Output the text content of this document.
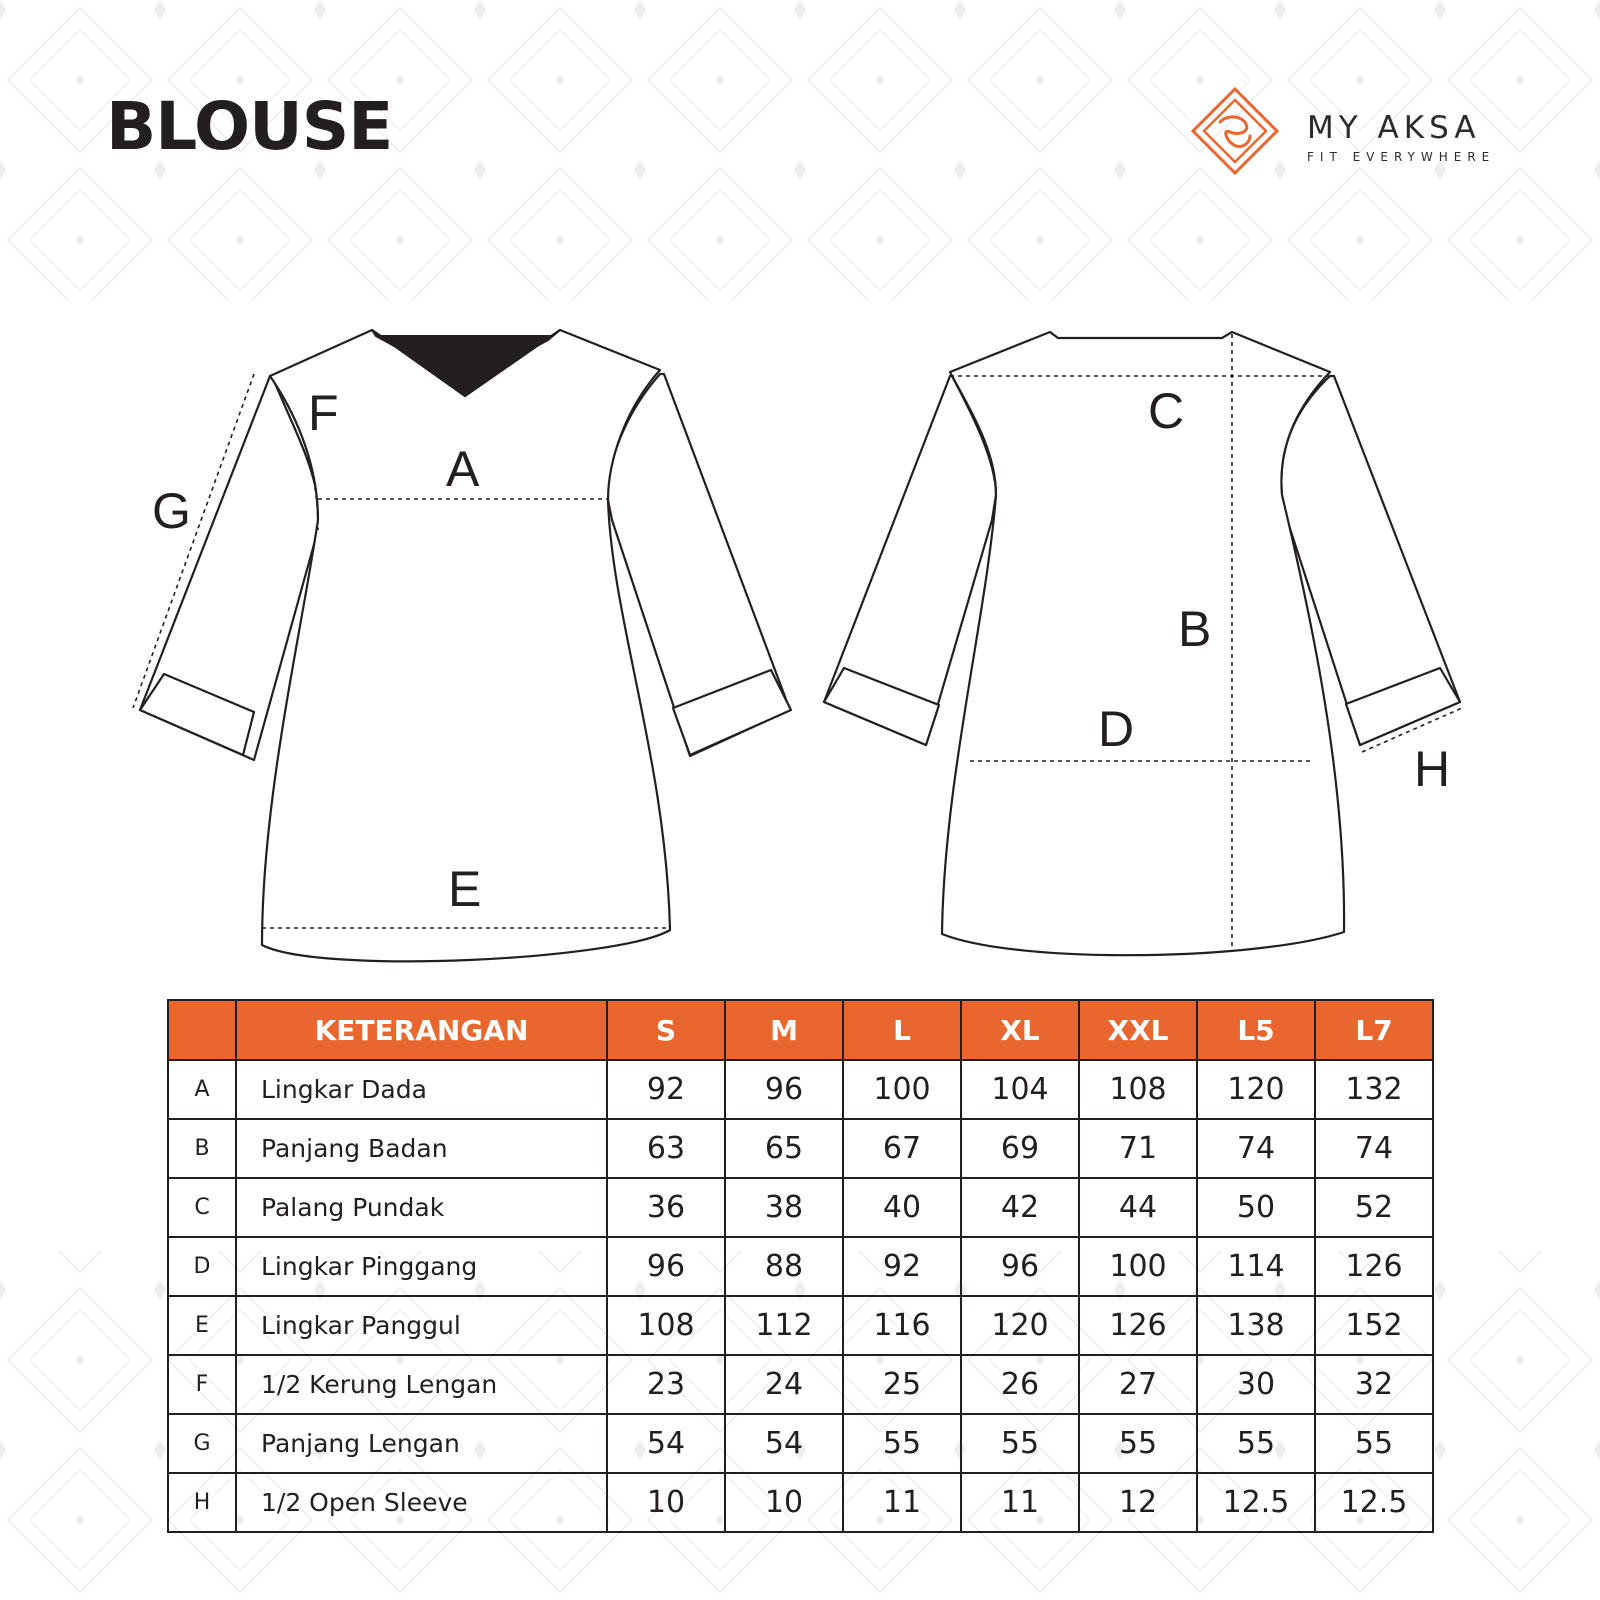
BLOUSE	MY AKSA
FIT EVERYWHERE
A
B
C
D
E
F
G
H
	KETERANGAN	S	M	L	XL	XXL	L5	L7
A	Lingkar Dada	92	96	100	104	108	120	132
B	Panjang Badan	63	65	67	69	71	74	74
C	Palang Pundak	36	38	40	42	44	50	52
D	Lingkar Pinggang	96	88	92	96	100	114	126
E	Lingkar Panggul	108	112	116	120	126	138	152
F	1/2 Kerung Lengan	23	24	25	26	27	30	32
G	Panjang Lengan	54	54	55	55	55	55	55
H	1/2 Open Sleeve	10	10	11	11	12	12.5	12.5
